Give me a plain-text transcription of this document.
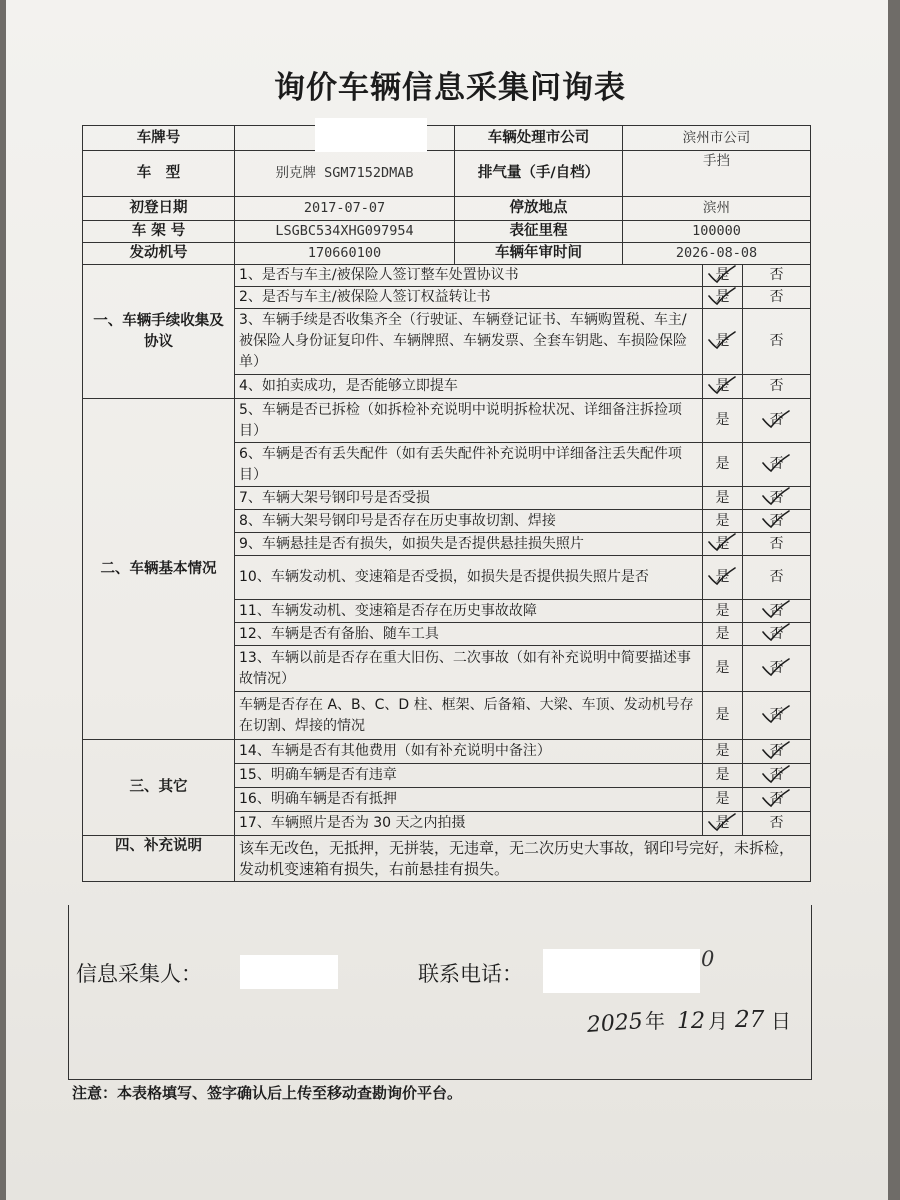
询价车辆信息采集问询表
车牌号		车辆处理市公司	滨州市公司		
车　型	别克牌 SGM7152DMAB	排气量（手/自档）	手挡		
初登日期	2017-07-07	停放地点	滨州		
车 架 号	LSGBC534XHG097954	表征里程	100000		
发动机号	170660100	车辆年审时间	2026-08-08		
一、车辆手续收集及协议	1、是否与车主/被保险人签订整车处置协议书			是	否
	2、是否与车主/被保险人签订权益转让书			是	否
	3、车辆手续是否收集齐全（行驶证、车辆登记证书、车辆购置税、车主/被保险人身份证复印件、车辆牌照、车辆发票、全套车钥匙、车损险保险单）			是	否
	4、如拍卖成功，是否能够立即提车			是	否
二、车辆基本情况	5、车辆是否已拆检（如拆检补充说明中说明拆检状况、详细备注拆捡项目）			是	否

	6、车辆是否有丢失配件（如有丢失配件补充说明中详细备注丢失配件项目）			是	否

	7、车辆大架号钢印号是否受损			是	否

	8、车辆大架号钢印号是否存在历史事故切割、焊接			是	否

	9、车辆悬挂是否有损失，如损失是否提供悬挂损失照片			是	否
	10、车辆发动机、变速箱是否受损，如损失是否提供损失照片是否			是	否
	11、车辆发动机、变速箱是否存在历史事故故障			是	否

	12、车辆是否有备胎、随车工具			是	否

	13、车辆以前是否存在重大旧伤、二次事故（如有补充说明中简要描述事故情况）			是	否

	车辆是否存在 A、B、C、D 柱、框架、后备箱、大梁、车顶、发动机号存在切割、焊接的情况			是	否

三、其它	14、车辆是否有其他费用（如有补充说明中备注）			是	否

	15、明确车辆是否有违章			是	否

	16、明确车辆是否有抵押			是	否

	17、车辆照片是否为 30 天之内拍摄			是	否
四、补充说明	该车无改色，无抵押，无拼装，无违章，无二次历史大事故，钢印号完好，未拆检，发动机变速箱有损失，右前悬挂有损失。				
信息采集人：	联系电话：
0
2025 年 12 月 27 日
注意：本表格填写、签字确认后上传至移动查勘询价平台。
